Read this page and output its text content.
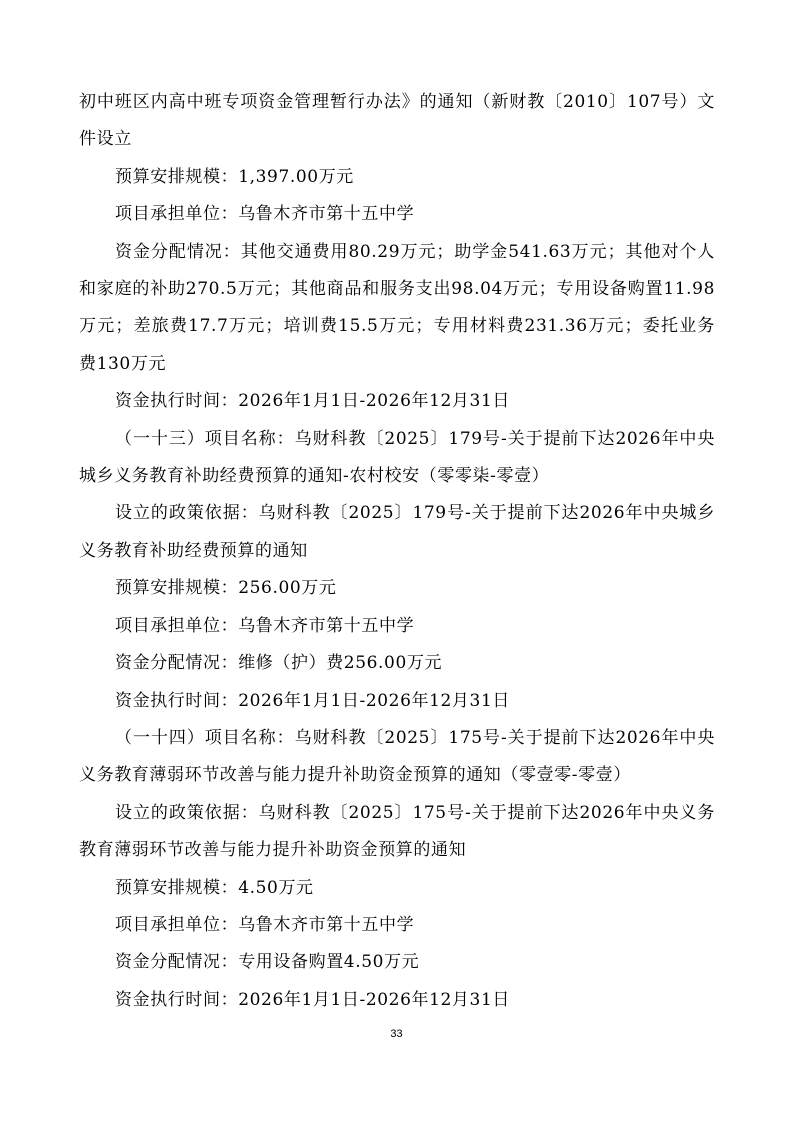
初中班区内高中班专项资金管理暂行办法》的通知（新财教〔2010〕107号）文件设立

预算安排规模：1,397.00万元

项目承担单位：乌鲁木齐市第十五中学

资金分配情况：其他交通费用80.29万元；助学金541.63万元；其他对个人和家庭的补助270.5万元；其他商品和服务支出98.04万元；专用设备购置11.98万元；差旅费17.7万元；培训费15.5万元；专用材料费231.36万元；委托业务费130万元

资金执行时间：2026年1月1日-2026年12月31日

（一十三）项目名称：乌财科教〔2025〕179号-关于提前下达2026年中央城乡义务教育补助经费预算的通知-农村校安（零零柒-零壹）

设立的政策依据：乌财科教〔2025〕179号-关于提前下达2026年中央城乡义务教育补助经费预算的通知

预算安排规模：256.00万元

项目承担单位：乌鲁木齐市第十五中学

资金分配情况：维修（护）费256.00万元

资金执行时间：2026年1月1日-2026年12月31日

（一十四）项目名称：乌财科教〔2025〕175号-关于提前下达2026年中央义务教育薄弱环节改善与能力提升补助资金预算的通知（零壹零-零壹）

设立的政策依据：乌财科教〔2025〕175号-关于提前下达2026年中央义务教育薄弱环节改善与能力提升补助资金预算的通知

预算安排规模：4.50万元

项目承担单位：乌鲁木齐市第十五中学

资金分配情况：专用设备购置4.50万元

资金执行时间：2026年1月1日-2026年12月31日

33
